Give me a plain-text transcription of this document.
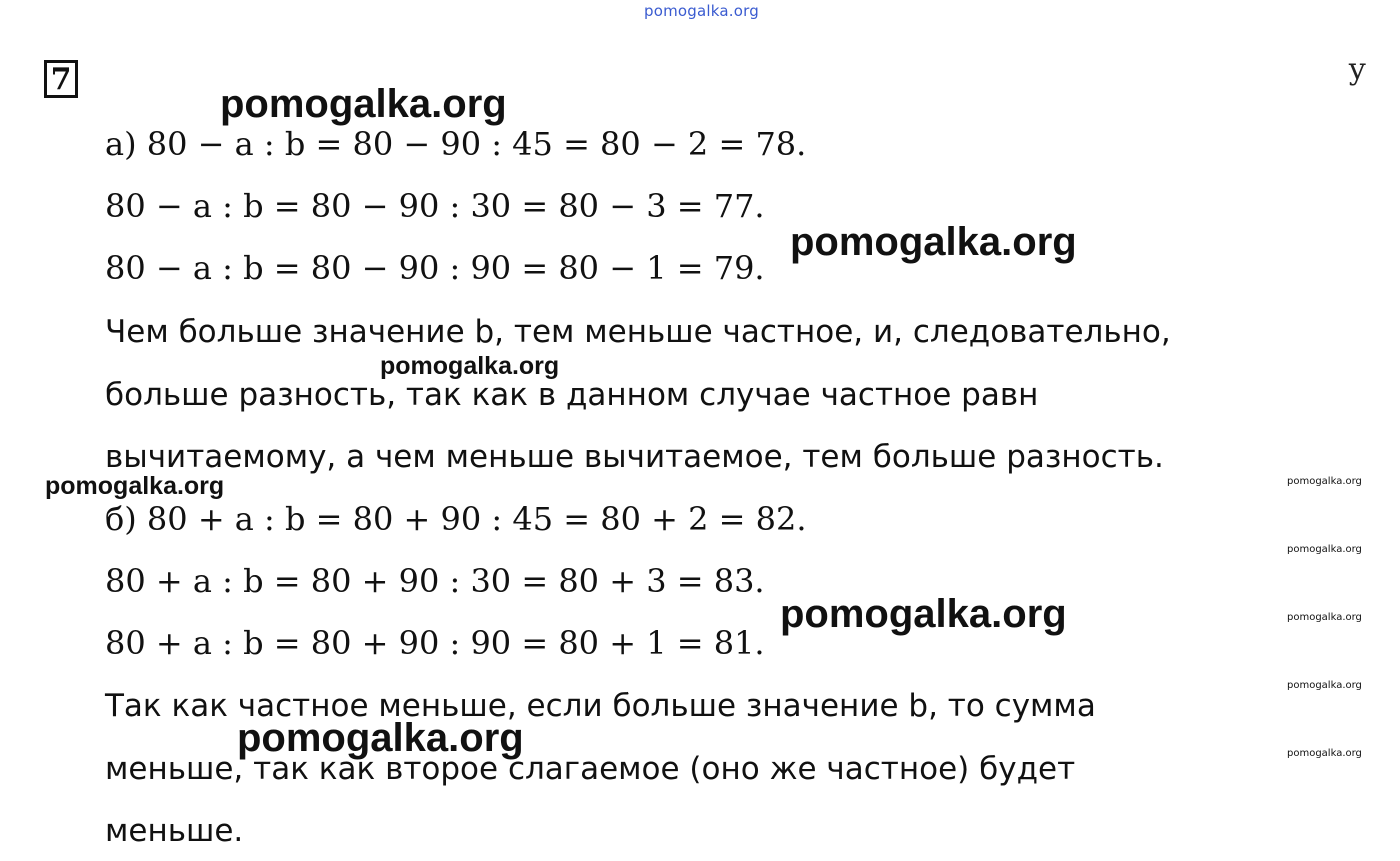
pomogalka.org
7	у
а) 80 − a : b = 80 − 90 : 45 = 80 − 2 = 78.
80 − a : b = 80 − 90 : 30 = 80 − 3 = 77.
80 − a : b = 80 − 90 : 90 = 80 − 1 = 79.
Чем больше значение b, тем меньше частное, и, следовательно,
больше разность, так как в данном случае частное равн
вычитаемому, а чем меньше вычитаемое, тем больше разность.
б) 80 + a : b = 80 + 90 : 45 = 80 + 2 = 82.
80 + a : b = 80 + 90 : 30 = 80 + 3 = 83.
80 + a : b = 80 + 90 : 90 = 80 + 1 = 81.
Так как частное меньше, если больше значение b, то сумма
меньше, так как второе слагаемое (оно же частное) будет
меньше.
pomogalka.org
pomogalka.org
pomogalka.org
pomogalka.org
pomogalka.org
pomogalka.org	pomogalka.org
pomogalka.org
pomogalka.org
pomogalka.org
pomogalka.org
